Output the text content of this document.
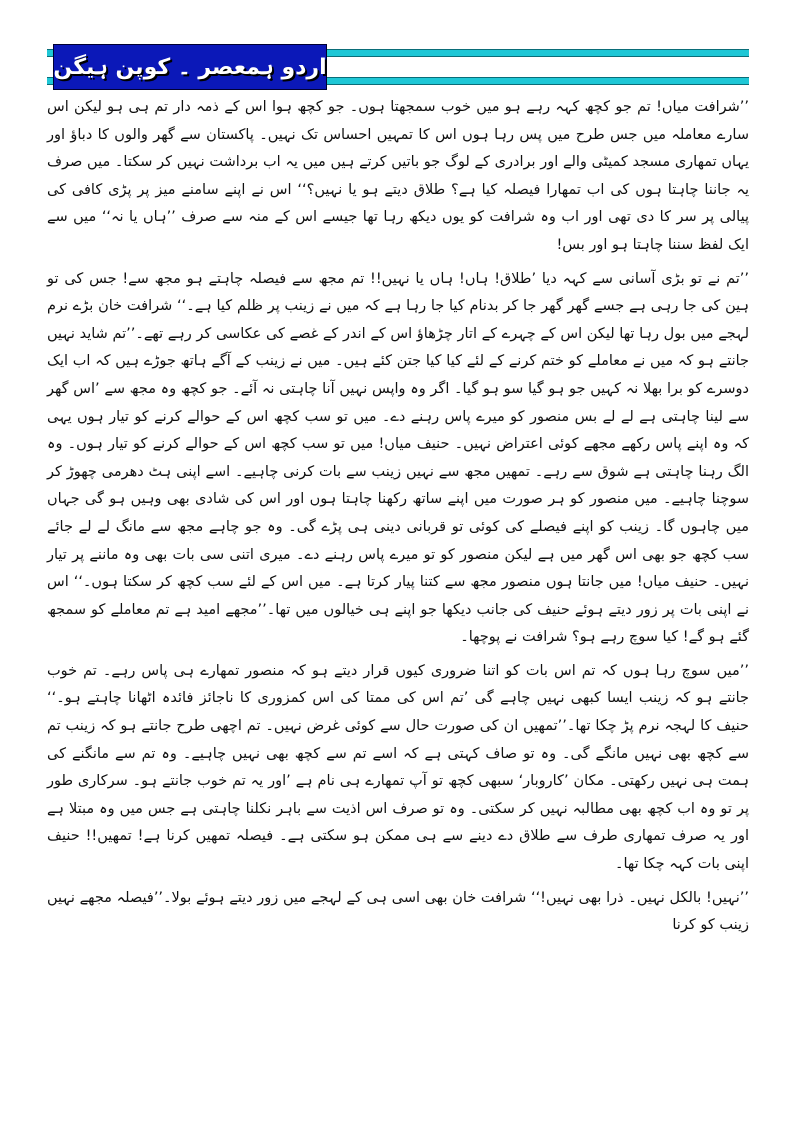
اردو ہمعصر ۔ کوپن ہیگن

’’شرافت میاں! تم جو کچھ کہہ رہے ہو میں خوب سمجھتا ہوں۔ جو کچھ ہوا اس کے ذمہ دار تم ہی ہو لیکن اس سارے معاملہ میں جس طرح میں پس رہا ہوں اس کا تمہیں احساس تک نہیں۔ پاکستان سے گھر والوں کا دباؤ اور یہاں تمھاری مسجد کمیٹی والے اور برادری کے لوگ جو باتیں کرتے ہیں میں یہ اب برداشت نہیں کر سکتا۔ میں صرف یہ جاننا چاہتا ہوں کی اب تمھارا فیصلہ کیا ہے؟ طلاق دیتے ہو یا نہیں؟‘‘ اس نے اپنے سامنے میز پر پڑی کافی کی پیالی پر سر کا دی تھی اور اب وہ شرافت کو یوں دیکھ رہا تھا جیسے اس کے منہ سے صرف ’’ہاں یا نہ‘‘ میں سے ایک لفظ سننا چاہتا ہو اور بس!

’’تم نے تو بڑی آسانی سے کہہ دیا ’طلاق! ہاں! ہاں یا نہیں!! تم مجھ سے فیصلہ چاہتے ہو مجھ سے! جس کی تو ہین کی جا رہی ہے جسے گھر گھر جا کر بدنام کیا جا رہا ہے کہ میں نے زینب پر ظلم کیا ہے۔‘‘ شرافت خان بڑے نرم لہجے میں بول رہا تھا لیکن اس کے چہرے کے اتار چڑھاؤ اس کے اندر کے غصے کی عکاسی کر رہے تھے۔’’تم شاید نہیں جانتے ہو کہ میں نے معاملے کو ختم کرنے کے لئے کیا کیا جتن کئے ہیں۔ میں نے زینب کے آگے ہاتھ جوڑے ہیں کہ اب ایک دوسرے کو برا بھلا نہ کہیں جو ہو گیا سو ہو گیا۔ اگر وہ واپس نہیں آنا چاہتی نہ آئے۔ جو کچھ وہ مجھ سے ’اس گھر سے لینا چاہتی ہے لے لے بس منصور کو میرے پاس رہنے دے۔ میں تو سب کچھ اس کے حوالے کرنے کو تیار ہوں یہی کہ وہ اپنے پاس رکھے مجھے کوئی اعتراض نہیں۔ حنیف میاں! میں تو سب کچھ اس کے حوالے کرنے کو تیار ہوں۔ وہ الگ رہنا چاہتی ہے شوق سے رہے۔ تمھیں مجھ سے نہیں زینب سے بات کرنی چاہیے۔ اسے اپنی ہٹ دھرمی چھوڑ کر سوچنا چاہیے۔ میں منصور کو ہر صورت میں اپنے ساتھ رکھنا چاہتا ہوں اور اس کی شادی بھی وہیں ہو گی جہاں میں چاہوں گا۔ زینب کو اپنے فیصلے کی کوئی تو قربانی دینی ہی پڑے گی۔ وہ جو چاہے مجھ سے مانگ لے لے جائے سب کچھ جو بھی اس گھر میں ہے لیکن منصور کو تو میرے پاس رہنے دے۔ میری اتنی سی بات بھی وہ ماننے پر تیار نہیں۔ حنیف میاں! میں جانتا ہوں منصور مجھ سے کتنا پیار کرتا ہے۔ میں اس کے لئے سب کچھ کر سکتا ہوں۔‘‘ اس نے اپنی بات پر زور دیتے ہوئے حنیف کی جانب دیکھا جو اپنے ہی خیالوں میں تھا۔’’مجھے امید ہے تم معاملے کو سمجھ گئے ہو گے! کیا سوچ رہے ہو؟ شرافت نے پوچھا۔

’’میں سوچ رہا ہوں کہ تم اس بات کو اتنا ضروری کیوں قرار دیتے ہو کہ منصور تمھارے ہی پاس رہے۔ تم خوب جانتے ہو کہ زینب ایسا کبھی نہیں چاہے گی ’تم اس کی ممتا کی اس کمزوری کا ناجائز فائدہ اٹھانا چاہتے ہو۔‘‘ حنیف کا لہجہ نرم پڑ چکا تھا۔’’تمھیں ان کی صورت حال سے کوئی غرض نہیں۔ تم اچھی طرح جانتے ہو کہ زینب تم سے کچھ بھی نہیں مانگے گی۔ وہ تو صاف کہتی ہے کہ اسے تم سے کچھ بھی نہیں چاہیے۔ وہ تم سے مانگنے کی ہمت ہی نہیں رکھتی۔ مکان ’کاروبار‘ سبھی کچھ تو آپ تمھارے ہی نام ہے ’اور یہ تم خوب جانتے ہو۔ سرکاری طور پر تو وہ اب کچھ بھی مطالبہ نہیں کر سکتی۔ وہ تو صرف اس اذیت سے باہر نکلنا چاہتی ہے جس میں وہ مبتلا ہے اور یہ صرف تمھاری طرف سے طلاق دے دینے سے ہی ممکن ہو سکتی ہے۔ فیصلہ تمھیں کرنا ہے! تمھیں!! حنیف اپنی بات کہہ چکا تھا۔

’’نہیں! بالکل نہیں۔ ذرا بھی نہیں!‘‘ شرافت خان بھی اسی ہی کے لہجے میں زور دیتے ہوئے بولا۔’’فیصلہ مجھے نہیں زینب کو کرنا
